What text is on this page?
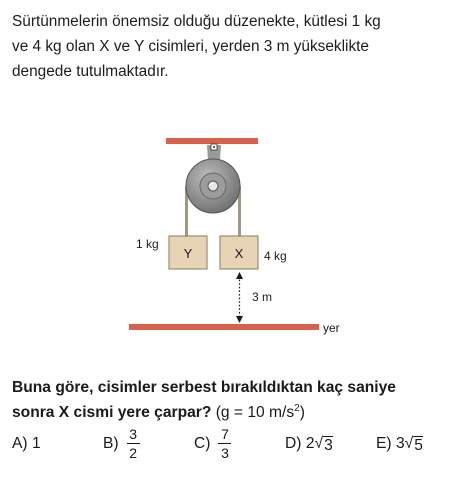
Sürtünmelerin önemsiz olduğu düzenekte, kütlesi 1 kg
ve 4 kg olan X ve Y cisimleri, yerden 3 m yükseklikte
dengede tutulmaktadır.
Y
1 kg
X 4 kg
3 m
yer
Buna göre, cisimler serbest bırakıldıktan kaç saniye
sonra X cismi yere çarpar? (g = 10 $m/s^2$)
A)
1	$B) \frac{3}{2}$	$C) \frac{7}{3}$	D)
2 √ 3	E)
3 √ 5
